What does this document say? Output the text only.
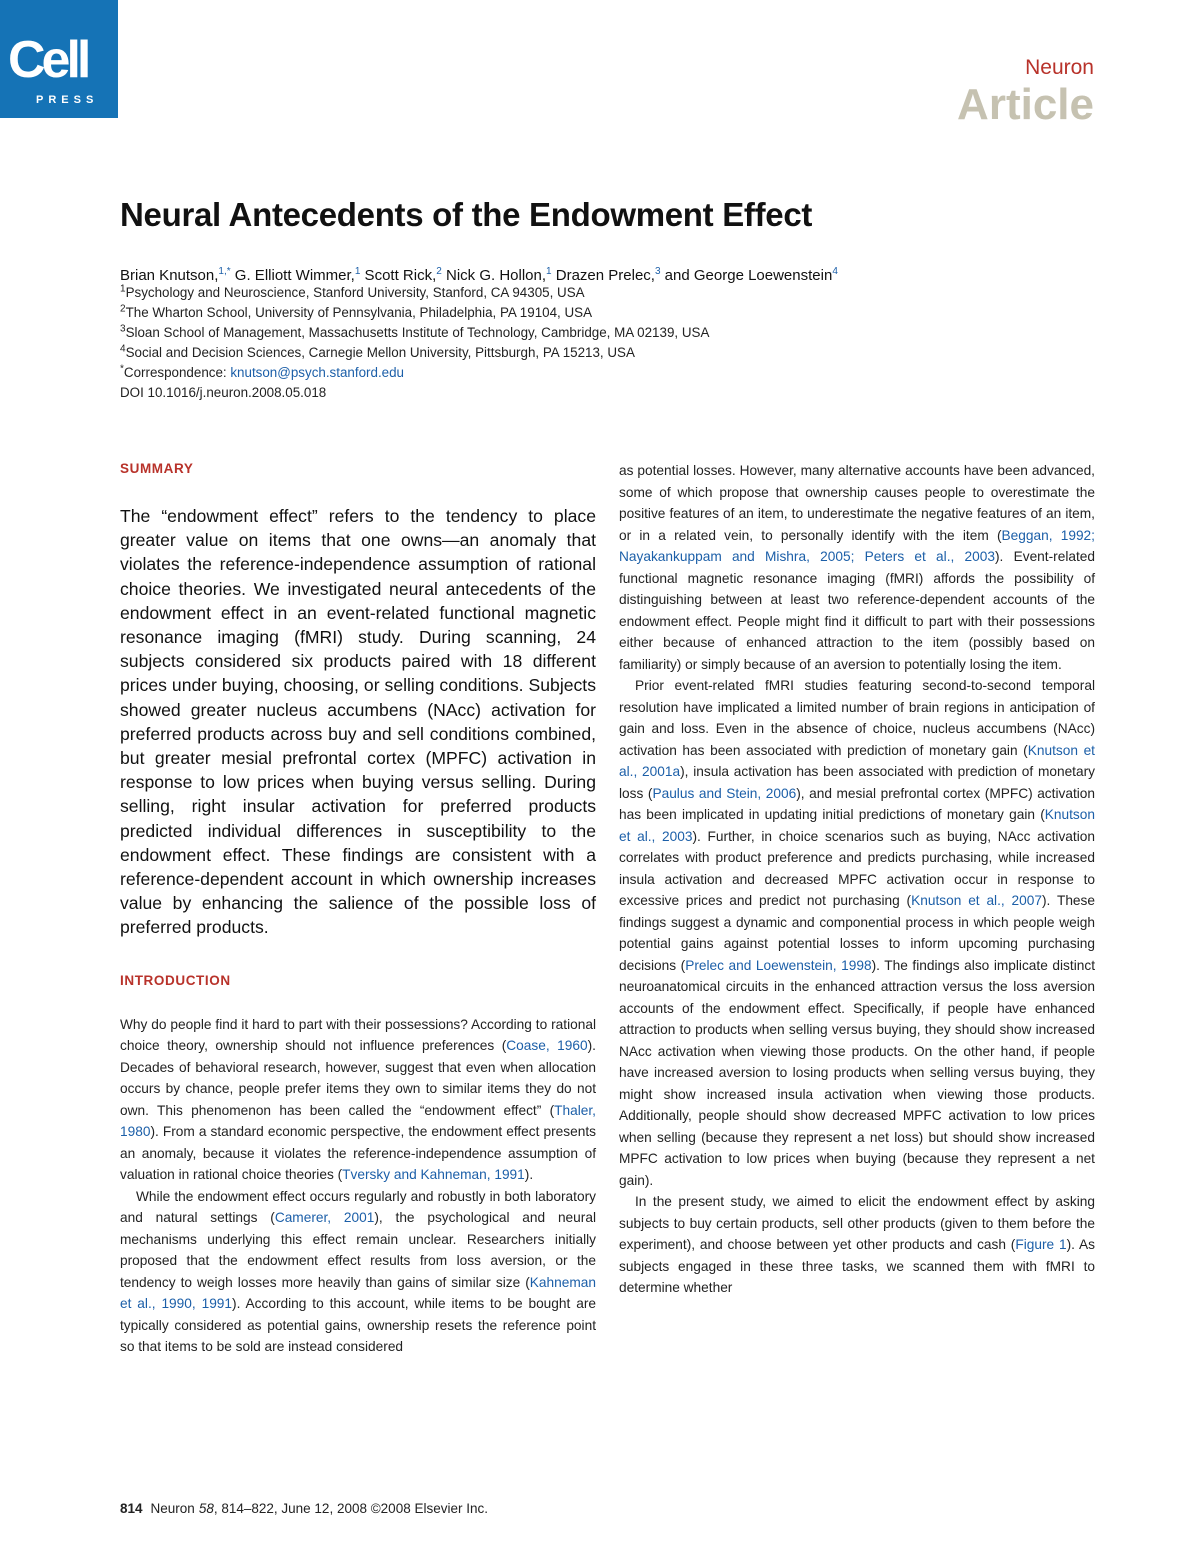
Cell
PRESS
Neuron
Article
Neural Antecedents of the Endowment Effect
Brian Knutson,$^{1,*}$ G. Elliott Wimmer,$^1$ Scott Rick,$^2$ Nick G. Hollon,$^1$ Drazen Prelec,$^3$ and George Loewenstein$^4$
$^1$Psychology and Neuroscience, Stanford University, Stanford, CA 94305, USA
$^2$The Wharton School, University of Pennsylvania, Philadelphia, PA 19104, USA
$^3$Sloan School of Management, Massachusetts Institute of Technology, Cambridge, MA 02139, USA
$^4$Social and Decision Sciences, Carnegie Mellon University, Pittsburgh, PA 15213, USA
*Correspondence: knutson@psych.stanford.edu
DOI 10.1016/j.neuron.2008.05.018
SUMMARY

The “endowment effect” refers to the tendency to place greater value on items that one owns—an anomaly that violates the reference-independence assumption of rational choice theories. We investigated neural antecedents of the endowment effect in an event-related functional magnetic resonance imaging (fMRI) study. During scanning, 24 subjects considered six products paired with 18 different prices under buying, choosing, or selling conditions. Subjects showed greater nucleus accumbens (NAcc) activation for preferred products across buy and sell conditions combined, but greater mesial prefrontal cortex (MPFC) activation in response to low prices when buying versus selling. During selling, right insular activation for preferred products predicted individual differences in susceptibility to the endowment effect. These findings are consistent with a reference-dependent account in which ownership increases value by enhancing the salience of the possible loss of preferred products.

INTRODUCTION

Why do people find it hard to part with their possessions? According to rational choice theory, ownership should not influence preferences (Coase, 1960). Decades of behavioral research, however, suggest that even when allocation occurs by chance, people prefer items they own to similar items they do not own. This phenomenon has been called the “endowment effect” (Thaler, 1980). From a standard economic perspective, the endowment effect presents an anomaly, because it violates the reference-independence assumption of valuation in rational choice theories (Tversky and Kahneman, 1991).

While the endowment effect occurs regularly and robustly in both laboratory and natural settings (Camerer, 2001), the psychological and neural mechanisms underlying this effect remain unclear. Researchers initially proposed that the endowment effect results from loss aversion, or the tendency to weigh losses more heavily than gains of similar size (Kahneman et al., 1990, 1991). According to this account, while items to be bought are typically considered as potential gains, ownership resets the reference point so that items to be sold are instead considered

as potential losses. However, many alternative accounts have been advanced, some of which propose that ownership causes people to overestimate the positive features of an item, to underestimate the negative features of an item, or in a related vein, to personally identify with the item (Beggan, 1992; Nayakankuppam and Mishra, 2005; Peters et al., 2003). Event-related functional magnetic resonance imaging (fMRI) affords the possibility of distinguishing between at least two reference-dependent accounts of the endowment effect. People might find it difficult to part with their possessions either because of enhanced attraction to the item (possibly based on familiarity) or simply because of an aversion to potentially losing the item.

Prior event-related fMRI studies featuring second-to-second temporal resolution have implicated a limited number of brain regions in anticipation of gain and loss. Even in the absence of choice, nucleus accumbens (NAcc) activation has been associated with prediction of monetary gain (Knutson et al., 2001a), insula activation has been associated with prediction of monetary loss (Paulus and Stein, 2006), and mesial prefrontal cortex (MPFC) activation has been implicated in updating initial predictions of monetary gain (Knutson et al., 2003). Further, in choice scenarios such as buying, NAcc activation correlates with product preference and predicts purchasing, while increased insula activation and decreased MPFC activation occur in response to excessive prices and predict not purchasing (Knutson et al., 2007). These findings suggest a dynamic and componential process in which people weigh potential gains against potential losses to inform upcoming purchasing decisions (Prelec and Loewenstein, 1998). The findings also implicate distinct neuroanatomical circuits in the enhanced attraction versus the loss aversion accounts of the endowment effect. Specifically, if people have enhanced attraction to products when selling versus buying, they should show increased NAcc activation when viewing those products. On the other hand, if people have increased aversion to losing products when selling versus buying, they might show increased insula activation when viewing those products. Additionally, people should show decreased MPFC activation to low prices when selling (because they represent a net loss) but should show increased MPFC activation to low prices when buying (because they represent a net gain).

In the present study, we aimed to elicit the endowment effect by asking subjects to buy certain products, sell other products (given to them before the experiment), and choose between yet other products and cash (Figure 1). As subjects engaged in these three tasks, we scanned them with fMRI to determine whether

814 Neuron 58, 814–822, June 12, 2008 ©2008 Elsevier Inc.
